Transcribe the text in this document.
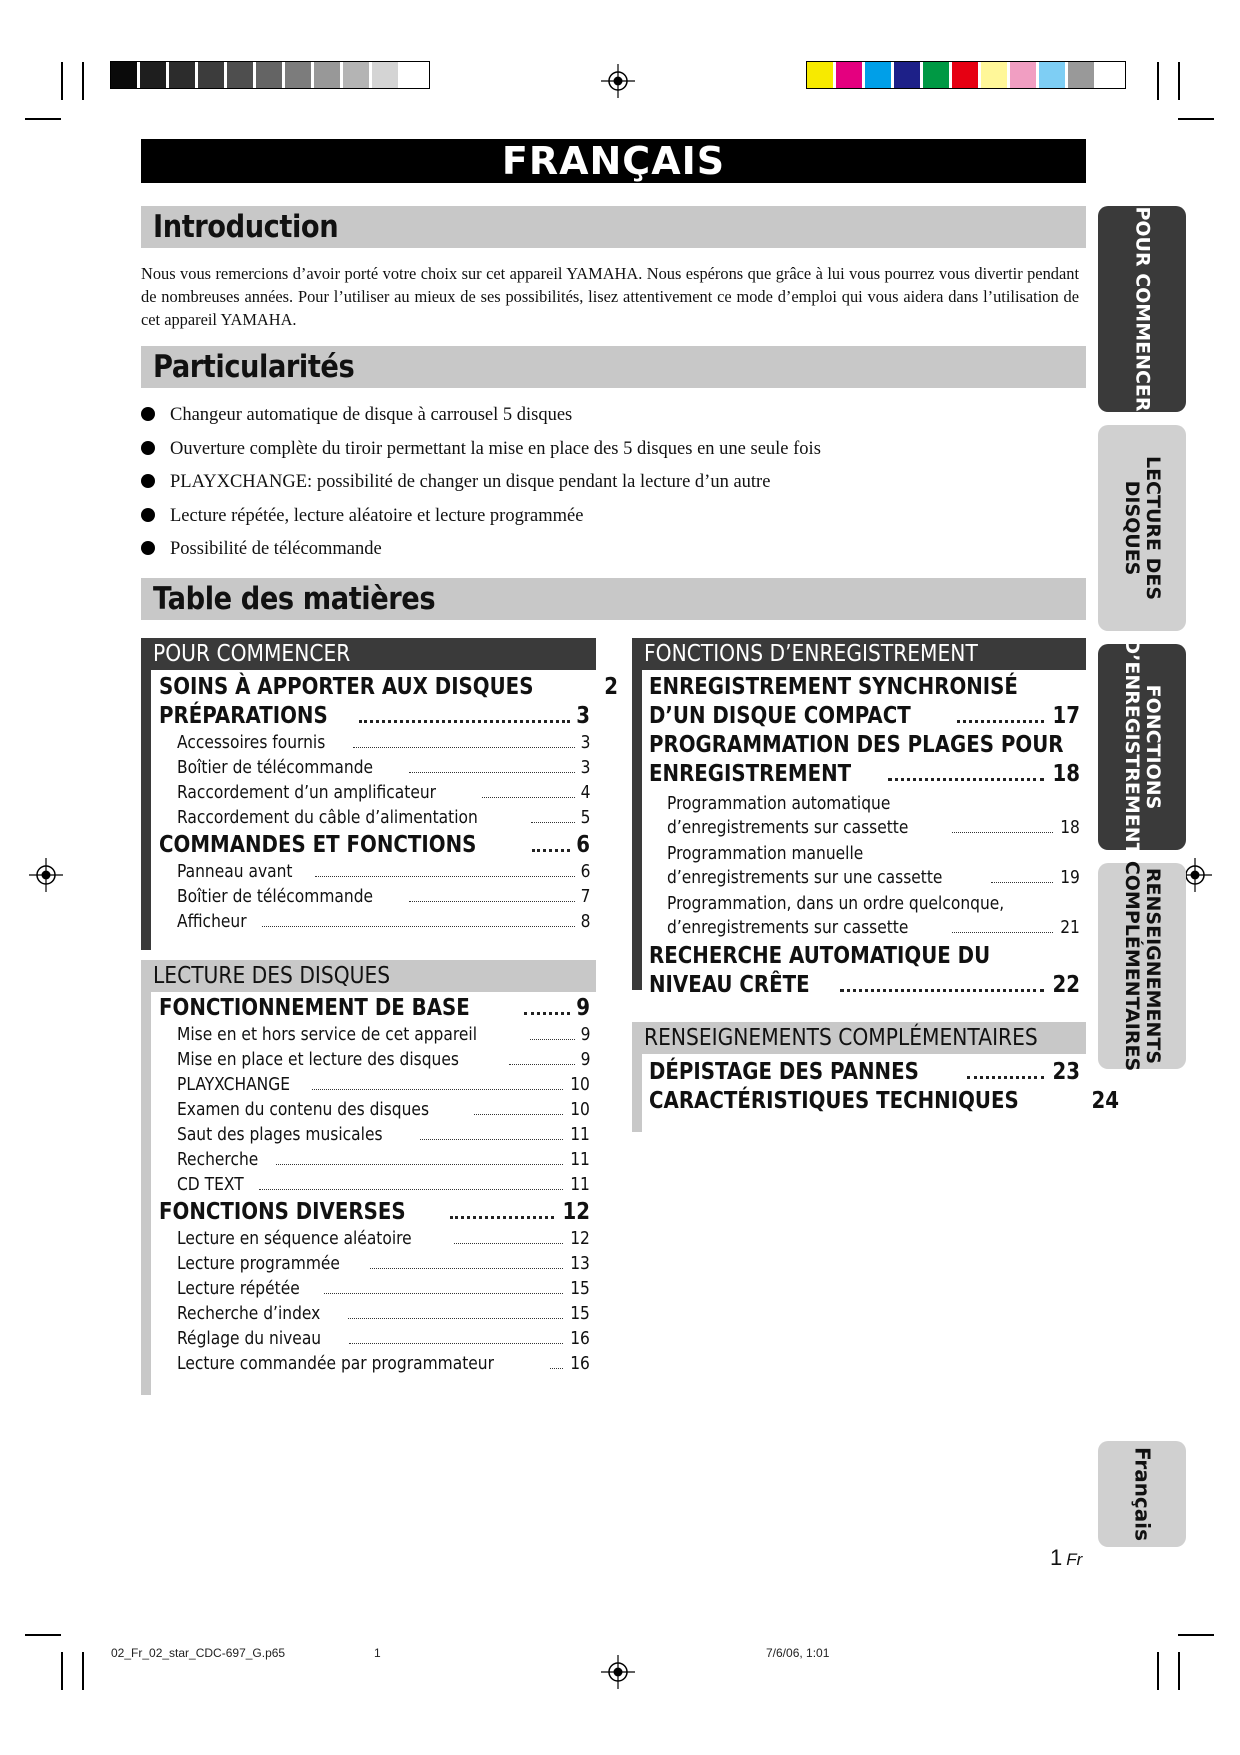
FRANÇAIS
Introduction
Nous vous remercions d’avoir porté votre choix sur cet appareil YAMAHA. Nous espérons que grâce à lui vous pourrez vous divertir pendant de nombreuses années. Pour l’utiliser au mieux de ses possibilités, lisez attentivement ce mode d’emploi qui vous aidera dans l’utilisation de cet appareil YAMAHA.
Particularités
Changeur automatique de disque à carrousel 5 disques
Ouverture complète du tiroir permettant la mise en place des 5 disques en une seule fois
PLAYXCHANGE: possibilité de changer un disque pendant la lecture d’un autre
Lecture répétée, lecture aléatoire et lecture programmée
Possibilité de télécommande
Table des matières
POUR COMMENCER
SOINS À APPORTER AUX DISQUES	2
PRÉPARATIONS	3
Accessoires fournis	3
Boîtier de télécommande	3
Raccordement d’un amplificateur	4
Raccordement du câble d’alimentation	5
COMMANDES ET FONCTIONS	6
Panneau avant	6
Boîtier de télécommande	7
Afficheur	8
LECTURE DES DISQUES
FONCTIONNEMENT DE BASE	9
Mise en et hors service de cet appareil	9
Mise en place et lecture des disques	9
PLAYXCHANGE	10
Examen du contenu des disques	10
Saut des plages musicales	11
Recherche	11
CD TEXT	11
FONCTIONS DIVERSES	12
Lecture en séquence aléatoire	12
Lecture programmée	13
Lecture répétée	15
Recherche d’index	15
Réglage du niveau	16
Lecture commandée par programmateur	16
FONCTIONS D’ENREGISTREMENT
ENREGISTREMENT SYNCHRONISÉ
D’UN DISQUE COMPACT	17
PROGRAMMATION DES PLAGES POUR
ENREGISTREMENT	18
Programmation automatique
d’enregistrements sur cassette	18
Programmation manuelle
d’enregistrements sur une cassette	19
Programmation, dans un ordre quelconque,
d’enregistrements sur cassette	21
RECHERCHE AUTOMATIQUE DU
NIVEAU CRÊTE	22
RENSEIGNEMENTS COMPLÉMENTAIRES
DÉPISTAGE DES PANNES	23
CARACTÉRISTIQUES TECHNIQUES	24
POUR COMMENCER
LECTURE DES
DISQUES
FONCTIONS
D’ENREGISTREMENT
RENSEIGNEMENTS
COMPLÉMENTAIRES
Français
1 Fr
02_Fr_02_star_CDC-697_G.p65	1	7/6/06, 1:01
